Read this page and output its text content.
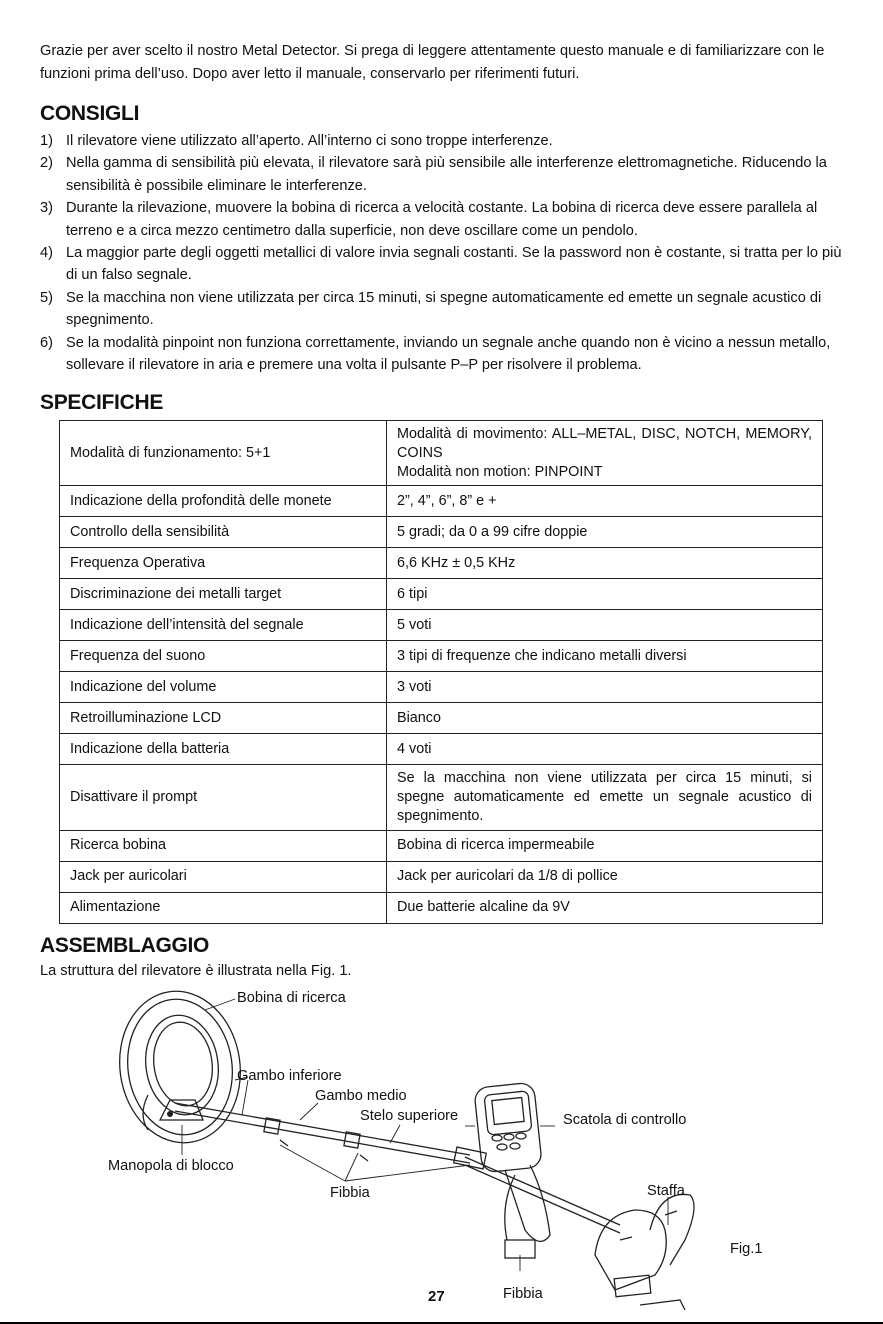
Grazie per aver scelto il nostro Metal Detector. Si prega di leggere attentamente questo manuale e di familiarizzare con le funzioni prima dell’uso. Dopo aver letto il manuale, conservarlo per riferimenti futuri.

CONSIGLI
1) Il rilevatore viene utilizzato all’aperto. All’interno ci sono troppe interferenze.
2) Nella gamma di sensibilità più elevata, il rilevatore sarà più sensibile alle interferenze elettromagnetiche. Riducendo la sensibilità è possibile eliminare le interferenze.
3) Durante la rilevazione, muovere la bobina di ricerca a velocità costante. La bobina di ricerca deve essere parallela al terreno e a circa mezzo centimetro dalla superficie, non deve oscillare come un pendolo.
4) La maggior parte degli oggetti metallici di valore invia segnali costanti. Se la password non è costante, si tratta per lo più di un falso segnale.
5) Se la macchina non viene utilizzata per circa 15 minuti, si spegne automaticamente ed emette un segnale acustico di spegnimento.
6) Se la modalità pinpoint non funziona correttamente, inviando un segnale anche quando non è vicino a nessun metallo, sollevare il rilevatore in aria e premere una volta il pulsante P–P per risolvere il problema.
SPECIFICHE
Modalità di funzionamento: 5+1	Modalità di movimento: ALL–METAL, DISC, NOTCH, MEMORY, COINS
Modalità non motion: PINPOINT

Indicazione della profondità delle monete	2”, 4”, 6”, 8” e +
Controllo della sensibilità	5 gradi; da 0 a 99 cifre doppie
Frequenza Operativa	6,6 KHz ± 0,5 KHz
Discriminazione dei metalli target	6 tipi
Indicazione dell’intensità del segnale	5 voti
Frequenza del suono	3 tipi di frequenze che indicano metalli diversi
Indicazione del volume	3 voti
Retroilluminazione LCD	Bianco
Indicazione della batteria	4 voti
Disattivare il prompt	Se la macchina non viene utilizzata per circa 15 minuti, si spegne automaticamente ed emette un segnale acustico di spegnimento.
Ricerca bobina	Bobina di ricerca impermeabile
Jack per auricolari	Jack per auricolari da 1/8 di pollice
Alimentazione	Due batterie alcaline da 9V
ASSEMBLAGGIO
La struttura del rilevatore è illustrata nella Fig. 1.
Bobina di ricerca
Gambo inferiore
Gambo medio
Stelo superiore	Scatola di controllo
Manopola di blocco
Fibbia	Staffa
Fibbia
Fig.1
27
